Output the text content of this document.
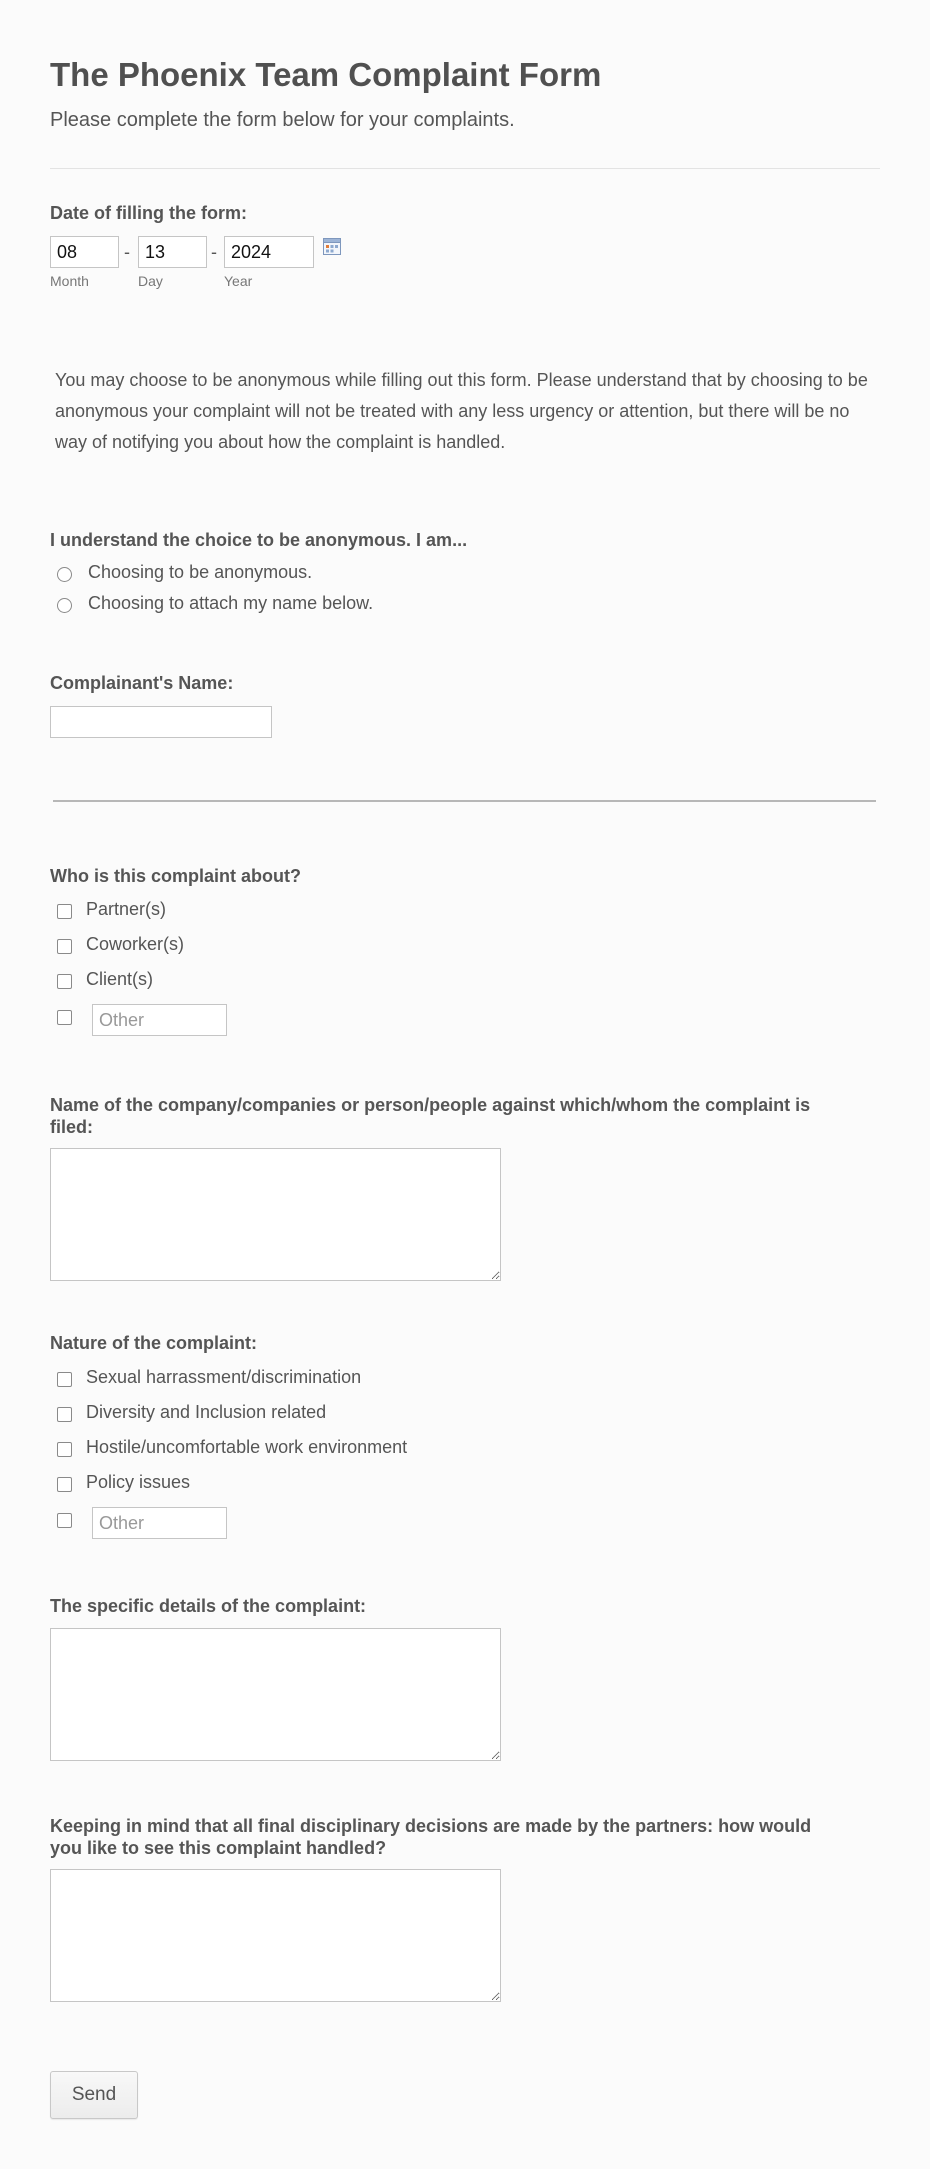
The Phoenix Team Complaint Form
Please complete the form below for your complaints.
Date of filling the form:
08
-
13	-
2024
Month	Day	Year
You may choose to be anonymous while filling out this form. Please understand that by choosing to be anonymous your complaint will not be treated with any less urgency or attention, but there will be no way of notifying you about how the complaint is handled.
I understand the choice to be anonymous. I am...
Choosing to be anonymous.
Choosing to attach my name below.
Complainant's Name:
Who is this complaint about?
Partner(s)
Coworker(s)
Client(s)
Other
Name of the company/companies or person/people against which/whom the complaint is
filed:
Nature of the complaint:
Sexual harrassment/discrimination
Diversity and Inclusion related
Hostile/uncomfortable work environment
Policy issues
Other
The specific details of the complaint:
Keeping in mind that all final disciplinary decisions are made by the partners: how would
you like to see this complaint handled?
Send
